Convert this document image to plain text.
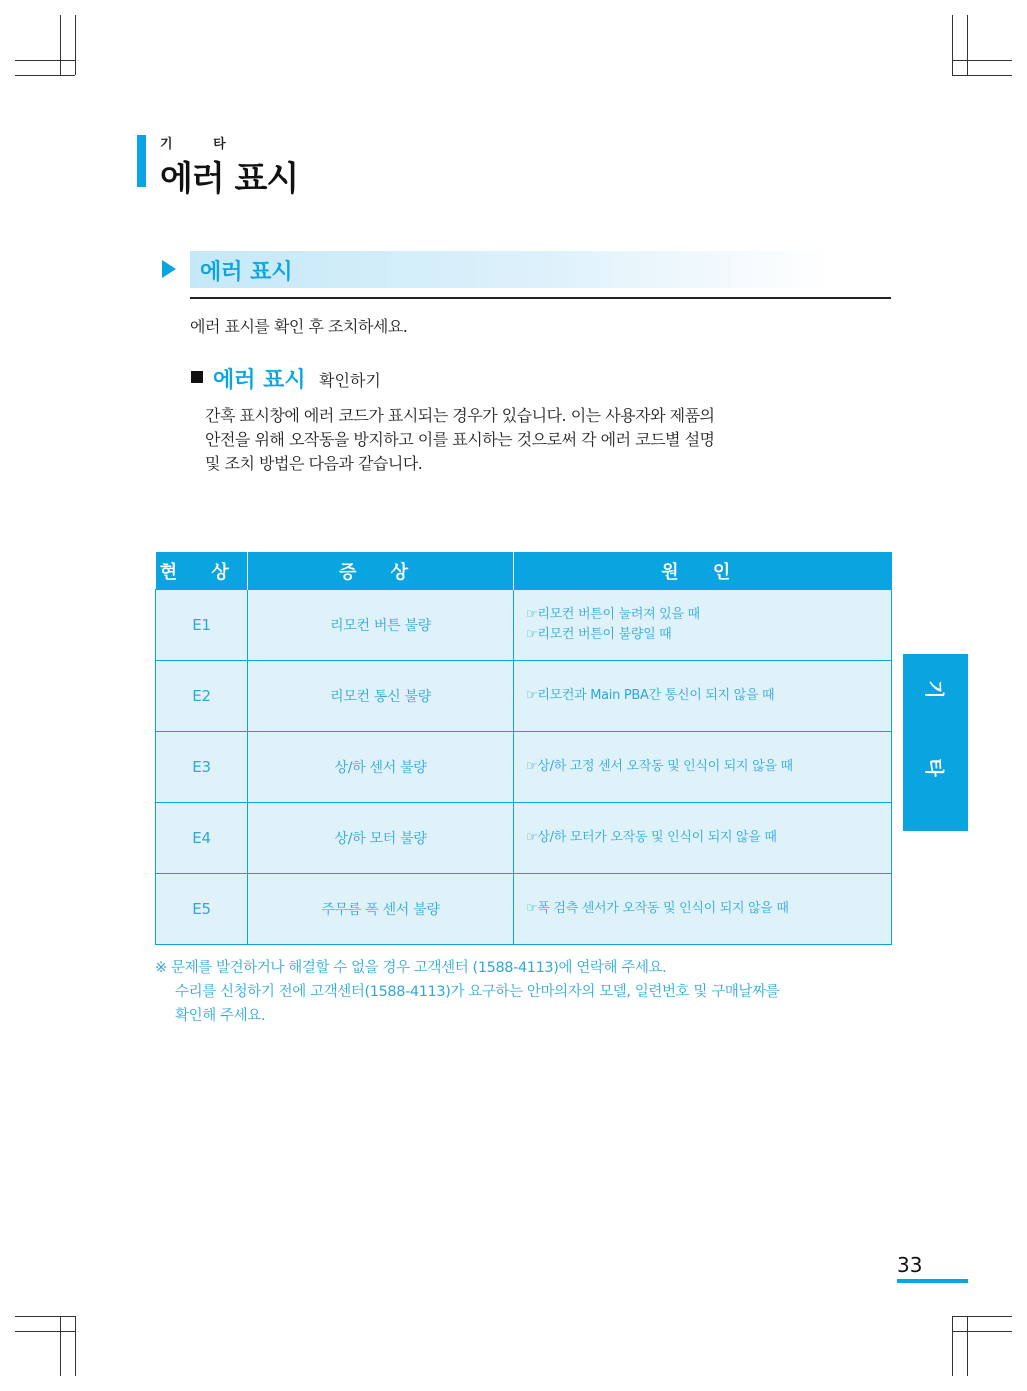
기 타
에러 표시
에러 표시
에러 표시를 확인 후 조치하세요.
에러 표시 확인하기
간혹 표시창에 에러 코드가 표시되는 경우가 있습니다. 이는 사용자와 제품의
안전을 위해 오작동을 방지하고 이를 표시하는 것으로써 각 에러 코드별 설명
및 조치 방법은 다음과 같습니다.
현 상	증 상	원 인
E1	리모컨 버튼 불량	☞리모컨 버튼이 눌려져 있을 때
☞리모컨 버튼이 불량일 때

E2	리모컨 통신 불량	☞리모컨과 Main PBA간 통신이 되지 않을 때

E3	상/하 센서 불량	☞상/하 고정 센서 오작동 및 인식이 되지 않을 때

E4	상/하 모터 불량	☞상/하 모터가 오작동 및 인식이 되지 않을 때

E5	주무름 폭 센서 불량	☞폭 검측 센서가 오작동 및 인식이 되지 않을 때
※ 문제를 발견하거나 해결할 수 없을 경우 고객센터 (1588-4113)에 연락해 주세요.
수리를 신청하기 전에 고객센터(1588-4113)가 요구하는 안마의자의 모델, 일련번호 및 구매날짜를
확인해 주세요.
기
타
33
